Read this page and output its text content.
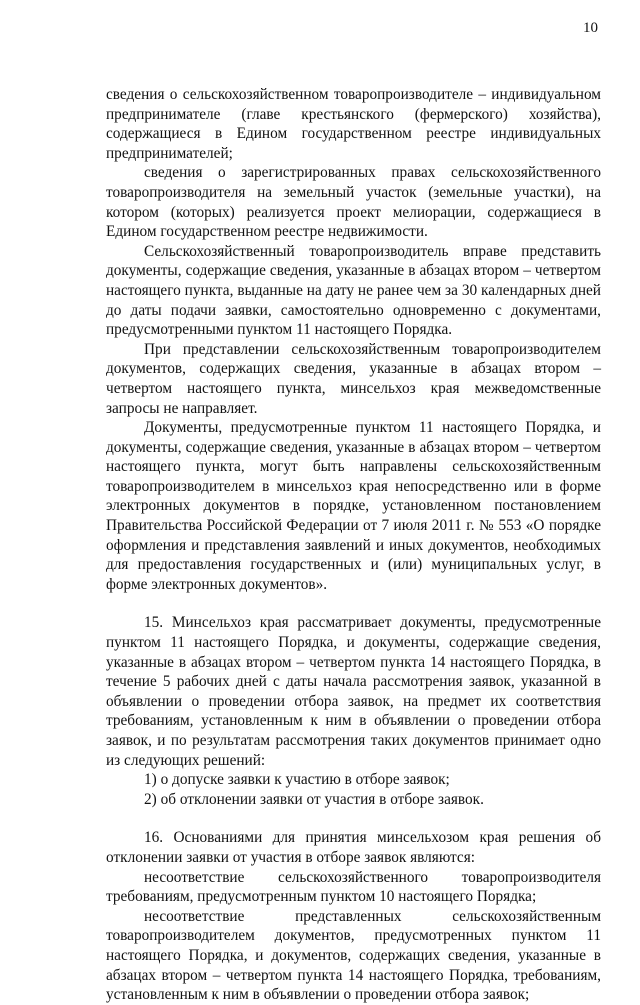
10

сведения о сельскохозяйственном товаропроизводителе – индивидуальном предпринимателе (главе крестьянского (фермерского) хозяйства), содержащиеся в Едином государственном реестре индивидуальных предпринимателей;

сведения о зарегистрированных правах сельскохозяйственного товаропроизводителя на земельный участок (земельные участки), на котором (которых) реализуется проект мелиорации, содержащиеся в Едином государственном реестре недвижимости.

Сельскохозяйственный товаропроизводитель вправе представить документы, содержащие сведения, указанные в абзацах втором – четвертом настоящего пункта, выданные на дату не ранее чем за 30 календарных дней до даты подачи заявки, самостоятельно одновременно с документами, предусмотренными пунктом 11 настоящего Порядка.

При представлении сельскохозяйственным товаропроизводителем документов, содержащих сведения, указанные в абзацах втором – четвертом настоящего пункта, минсельхоз края межведомственные запросы не направляет.

Документы, предусмотренные пунктом 11 настоящего Порядка, и документы, содержащие сведения, указанные в абзацах втором – четвертом настоящего пункта, могут быть направлены сельскохозяйственным товаропроизводителем в минсельхоз края непосредственно или в форме электронных документов в порядке, установленном постановлением Правительства Российской Федерации от 7 июля 2011 г. № 553 «О порядке оформления и представления заявлений и иных документов, необходимых для предоставления государственных и (или) муниципальных услуг, в форме электронных документов».

15. Минсельхоз края рассматривает документы, предусмотренные пунктом 11 настоящего Порядка, и документы, содержащие сведения, указанные в абзацах втором – четвертом пункта 14 настоящего Порядка, в течение 5 рабочих дней с даты начала рассмотрения заявок, указанной в объявлении о проведении отбора заявок, на предмет их соответствия требованиям, установленным к ним в объявлении о проведении отбора заявок, и по результатам рассмотрения таких документов принимает одно из следующих решений:

1) о допуске заявки к участию в отборе заявок;

2) об отклонении заявки от участия в отборе заявок.

16. Основаниями для принятия минсельхозом края решения об отклонении заявки от участия в отборе заявок являются:

несоответствие сельскохозяйственного товаропроизводителя требованиям, предусмотренным пунктом 10 настоящего Порядка;

несоответствие представленных сельскохозяйственным товаропроизводителем документов, предусмотренных пунктом 11 настоящего Порядка, и документов, содержащих сведения, указанные в абзацах втором – четвертом пункта 14 настоящего Порядка, требованиям, установленным к ним в объявлении о проведении отбора заявок;
